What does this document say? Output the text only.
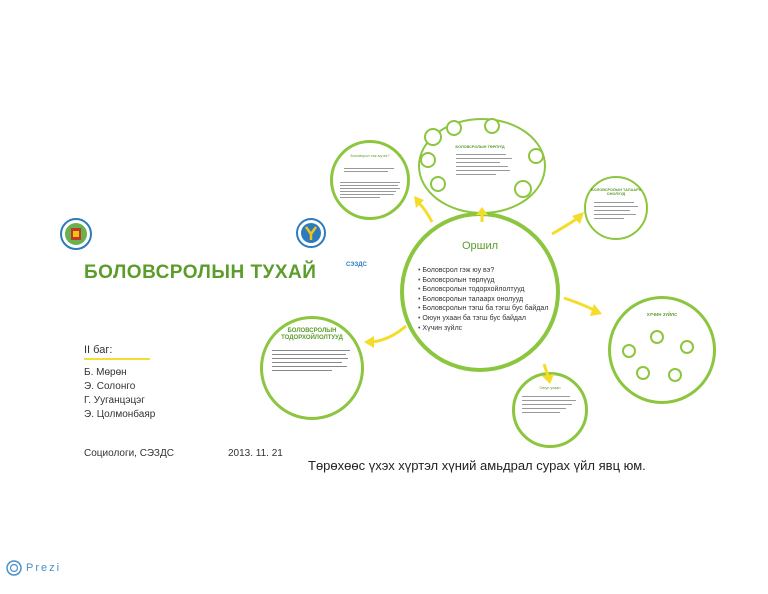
БОЛОВСРОЛЫН ТУХАЙ	СЭЗДС
II баг:
Б. Мөрөн
Э. Солонго
Г. Ууганцэцэг
Э. Цолмонбаяр
Социологи, СЭЗДС	2013. 11. 21
Төрөхөөс үхэх хүртэл хүний амьдрал сурах үйл явц юм.
Оршил
• Боловсрол гэж юу вэ?
• Боловсролын төрлүүд
• Боловсролын тодорхойлолтууд
• Боловсролын талаарх онолууд
• Боловсролын тэгш ба тэгш бус байдал
• Оюун ухаан ба тэгш бус байдал
• Хүчин зүйлс
БОЛОВСРОЛЫН ТОДОРХОЙЛОЛТУУД
Боловсрол гэж юу вэ?
БОЛОВСРОЛЫН ТӨРЛҮҮД
БОЛОВСРОЛЫН ТАЛААРХ ОНОЛУУД
ХҮЧИН ЗҮЙЛС
Оюун ухаан
Prezi
